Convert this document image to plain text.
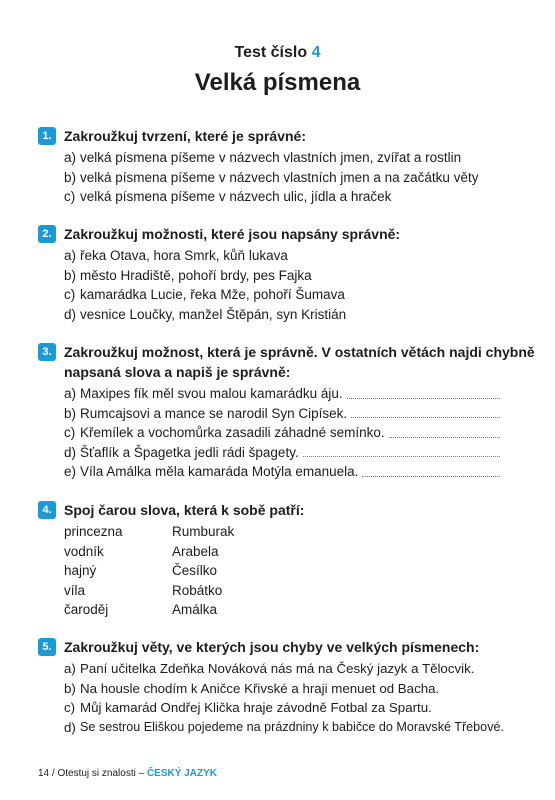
Test číslo 4
Velká písmena
1. Zakroužkuj tvrzení, které je správné:
a) velká písmena píšeme v názvech vlastních jmen, zvířat a rostlin
b) velká písmena píšeme v názvech vlastních jmen a na začátku věty
c) velká písmena píšeme v názvech ulic, jídla a hraček
2. Zakroužkuj možnosti, které jsou napsány správně:
a) řeka Otava, hora Smrk, kůň lukava
b) město Hradiště, pohoří brdy, pes Fajka
c) kamarádka Lucie, řeka Mže, pohoří Šumava
d) vesnice Loučky, manžel Štěpán, syn Kristián
3. Zakroužkuj možnost, která je správně. V ostatních větách najdi chybně
napsaná slova a napiš je správně:
a) Maxipes fík měl svou malou kamarádku áju.
b) Rumcajsovi a mance se narodil Syn Cipísek.
c) Křemílek a vochomůrka zasadili záhadné semínko.
d) Šťaflík a Špagetka jedli rádi špagety.
e) Víla Amálka měla kamaráda Motýla emanuela.
4. Spoj čarou slova, která k sobě patří:
princezna	Rumburak
vodník	Arabela
hajný	Česílko
víla	Robátko
čaroděj	Amálka
5. Zakroužkuj věty, ve kterých jsou chyby ve velkých písmenech:
a) Paní učitelka Zdeňka Nováková nás má na Český jazyk a Tělocvik.
b) Na housle chodím k Aničce Křivské a hraji menuet od Bacha.
c) Můj kamarád Ondřej Klička hraje závodně Fotbal za Spartu.
d) Se sestrou Eliškou pojedeme na prázdniny k babičce do Moravské Třebové.
14 / Otestuj si znalosti – ČESKÝ JAZYK
